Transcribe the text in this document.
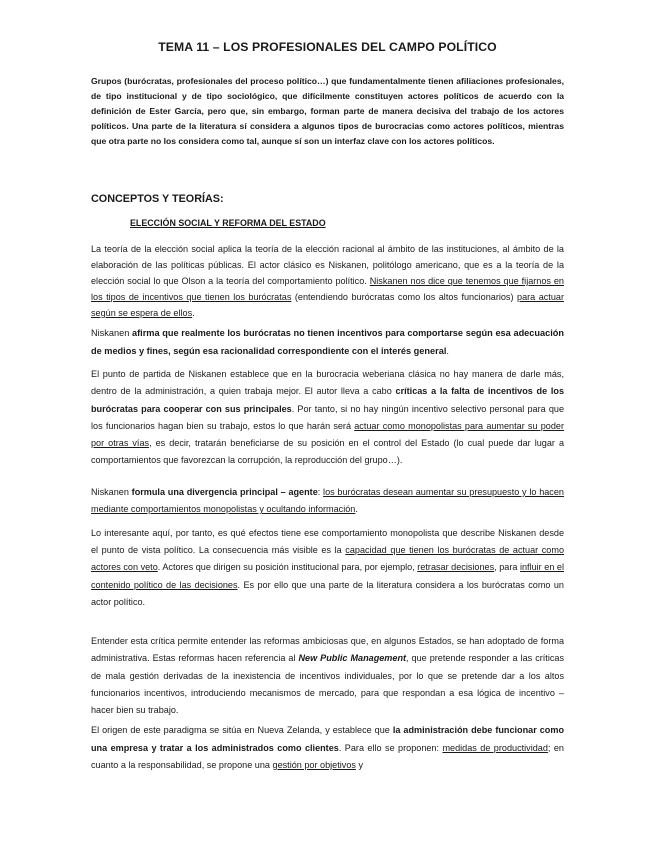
TEMA 11 – LOS PROFESIONALES DEL CAMPO POLÍTICO
Grupos (burócratas, profesionales del proceso político…) que fundamentalmente tienen afiliaciones profesionales, de tipo institucional y de tipo sociológico, que difícilmente constituyen actores políticos de acuerdo con la definición de Ester García, pero que, sin embargo, forman parte de manera decisiva del trabajo de los actores políticos. Una parte de la literatura sí considera a algunos tipos de burocracias como actores políticos, mientras que otra parte no los considera como tal, aunque sí son un interfaz clave con los actores políticos.
CONCEPTOS Y TEORÍAS:
ELECCIÓN SOCIAL Y REFORMA DEL ESTADO
La teoría de la elección social aplica la teoría de la elección racional al ámbito de las instituciones, al ámbito de la elaboración de las políticas públicas. El actor clásico es Niskanen, politólogo americano, que es a la teoría de la elección social lo que Olson a la teoría del comportamiento político. Niskanen nos dice que tenemos que fijarnos en los tipos de incentivos que tienen los burócratas (entendiendo burócratas como los altos funcionarios) para actuar según se espera de ellos.
Niskanen afirma que realmente los burócratas no tienen incentivos para comportarse según esa adecuación de medios y fines, según esa racionalidad correspondiente con el interés general.
El punto de partida de Niskanen establece que en la burocracia weberiana clásica no hay manera de darle más, dentro de la administración, a quien trabaja mejor. El autor lleva a cabo críticas a la falta de incentivos de los burócratas para cooperar con sus principales. Por tanto, si no hay ningún incentivo selectivo personal para que los funcionarios hagan bien su trabajo, estos lo que harán será actuar como monopolistas para aumentar su poder por otras vías, es decir, tratarán beneficiarse de su posición en el control del Estado (lo cual puede dar lugar a comportamientos que favorezcan la corrupción, la reproducción del grupo…).
Niskanen formula una divergencia principal – agente: los burócratas desean aumentar su presupuesto y lo hacen mediante comportamientos monopolistas y ocultando información.
Lo interesante aquí, por tanto, es qué efectos tiene ese comportamiento monopolista que describe Niskanen desde el punto de vista político. La consecuencia más visible es la capacidad que tienen los burócratas de actuar como actores con veto. Actores que dirigen su posición institucional para, por ejemplo, retrasar decisiones, para influir en el contenido político de las decisiones. Es por ello que una parte de la literatura considera a los burócratas como un actor político.
Entender esta crítica permite entender las reformas ambiciosas que, en algunos Estados, se han adoptado de forma administrativa. Estas reformas hacen referencia al New Public Management, que pretende responder a las críticas de mala gestión derivadas de la inexistencia de incentivos individuales, por lo que se pretende dar a los altos funcionarios incentivos, introduciendo mecanismos de mercado, para que respondan a esa lógica de incentivo – hacer bien su trabajo.
El origen de este paradigma se sitúa en Nueva Zelanda, y establece que la administración debe funcionar como una empresa y tratar a los administrados como clientes. Para ello se proponen: medidas de productividad; en cuanto a la responsabilidad, se propone una gestión por objetivos y
